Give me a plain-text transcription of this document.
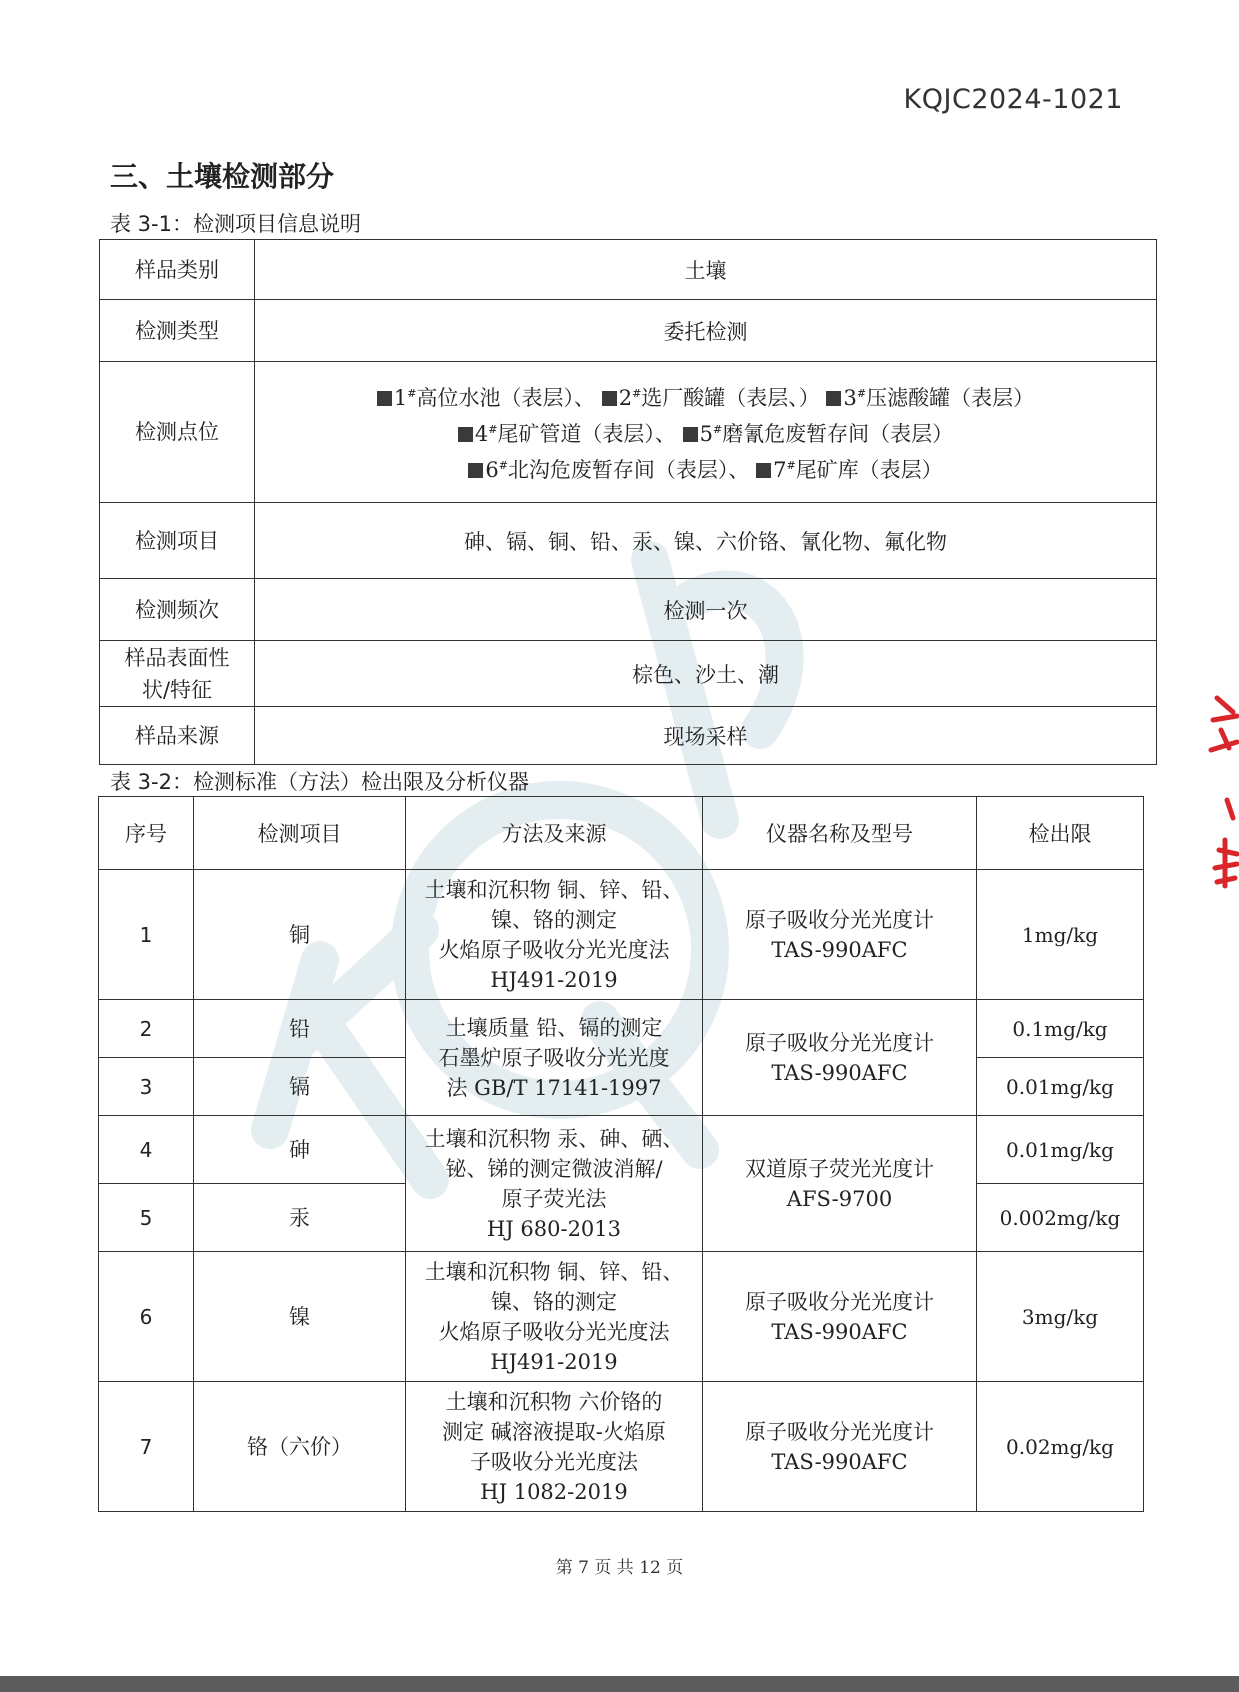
KQJC2024-1021
三、土壤检测部分
表 3-1：检测项目信息说明
样品类别	土壤
检测类型	委托检测
检测点位	1#高位水池（表层）、 2#选厂酸罐（表层、） 3#压滤酸罐（表层）
4#尾矿管道（表层）、 5#磨氰危废暂存间（表层）
6#北沟危废暂存间（表层）、 7#尾矿库（表层）

检测项目	砷、镉、铜、铅、汞、镍、六价铬、氰化物、氟化物
检测频次	检测一次

样品表面性
状/特征	棕色、沙土、潮
样品来源	现场采样
表 3-2：检测标准（方法）检出限及分析仪器
序号	检测项目	方法及来源	仪器名称及型号	检出限
1	铜	土壤和沉积物 铜、锌、铅、
镍、铬的测定
火焰原子吸收分光光度法
HJ491-2019	原子吸收分光光度计
TAS-990AFC	1mg/kg
2	铅	土壤质量 铅、镉的测定
石墨炉原子吸收分光光度
法 GB/T 17141-1997	原子吸收分光光度计
TAS-990AFC	0.1mg/kg
3	镉			0.01mg/kg
4	砷	土壤和沉积物 汞、砷、硒、
铋、锑的测定微波消解/
原子荧光法
HJ 680-2013	双道原子荧光光度计
AFS-9700	0.01mg/kg
5	汞			0.002mg/kg
6	镍	土壤和沉积物 铜、锌、铅、
镍、铬的测定
火焰原子吸收分光光度法
HJ491-2019	原子吸收分光光度计
TAS-990AFC	3mg/kg
7	铬（六价）	土壤和沉积物 六价铬的
测定 碱溶液提取-火焰原
子吸收分光光度法
HJ 1082-2019	原子吸收分光光度计
TAS-990AFC	0.02mg/kg
第 7 页 共 12 页
